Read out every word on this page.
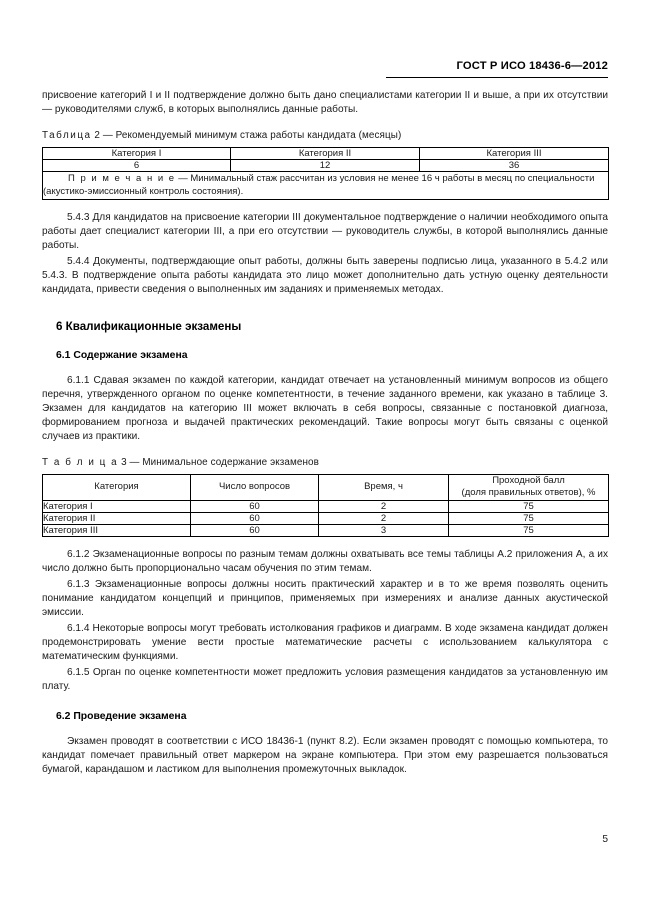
ГОСТ Р ИСО 18436-6—2012

присвоение категорий I и II подтверждение должно быть дано специалистами категории II и выше, а при их отсутствии — руководителями служб, в которых выполнялись данные работы.

Таблица 2 — Рекомендуемый минимум стажа работы кандидата (месяцы)
Категория I	Категория II	Категория III
6	12	36
П р и м е ч а н и е — Минимальный стаж рассчитан из условия не менее 16 ч работы в месяц по специальности (акустико-эмиссионный контроль состояния).		

5.4.3 Для кандидатов на присвоение категории III документальное подтверждение о наличии необходимого опыта работы дает специалист категории III, а при его отсутствии — руководитель службы, в которой выполнялись данные работы.

5.4.4 Документы, подтверждающие опыт работы, должны быть заверены подписью лица, указанного в 5.4.2 или 5.4.3. В подтверждение опыта работы кандидата это лицо может дополнительно дать устную оценку деятельности кандидата, привести сведения о выполненных им заданиях и применяемых методах.

6 Квалификационные экзамены
6.1 Содержание экзамена

6.1.1 Сдавая экзамен по каждой категории, кандидат отвечает на установленный минимум вопросов из общего перечня, утвержденного органом по оценке компетентности, в течение заданного времени, как указано в таблице 3. Экзамен для кандидатов на категорию III может включать в себя вопросы, связанные с постановкой диагноза, формированием прогноза и выдачей практических рекомендаций. Такие вопросы могут быть связаны с оценкой случаев из практики.

Т а б л и ц а 3 — Минимальное содержание экзаменов
Категория	Число вопросов	Время, ч	Проходной балл
(доля правильных ответов), %
Категория I	60	2	75
Категория II	60	2	75
Категория III	60	3	75

6.1.2 Экзаменационные вопросы по разным темам должны охватывать все темы таблицы А.2 приложения А, а их число должно быть пропорционально часам обучения по этим темам.

6.1.3 Экзаменационные вопросы должны носить практический характер и в то же время позволять оценить понимание кандидатом концепций и принципов, применяемых при измерениях и анализе данных акустической эмиссии.

6.1.4 Некоторые вопросы могут требовать истолкования графиков и диаграмм. В ходе экзамена кандидат должен продемонстрировать умение вести простые математические расчеты с использованием калькулятора с математическим функциями.

6.1.5 Орган по оценке компетентности может предложить условия размещения кандидатов за установленную им плату.

6.2 Проведение экзамена

Экзамен проводят в соответствии с ИСО 18436-1 (пункт 8.2). Если экзамен проводят с помощью компьютера, то кандидат помечает правильный ответ маркером на экране компьютера. При этом ему разрешается пользоваться бумагой, карандашом и ластиком для выполнения промежуточных выкладок.

5
